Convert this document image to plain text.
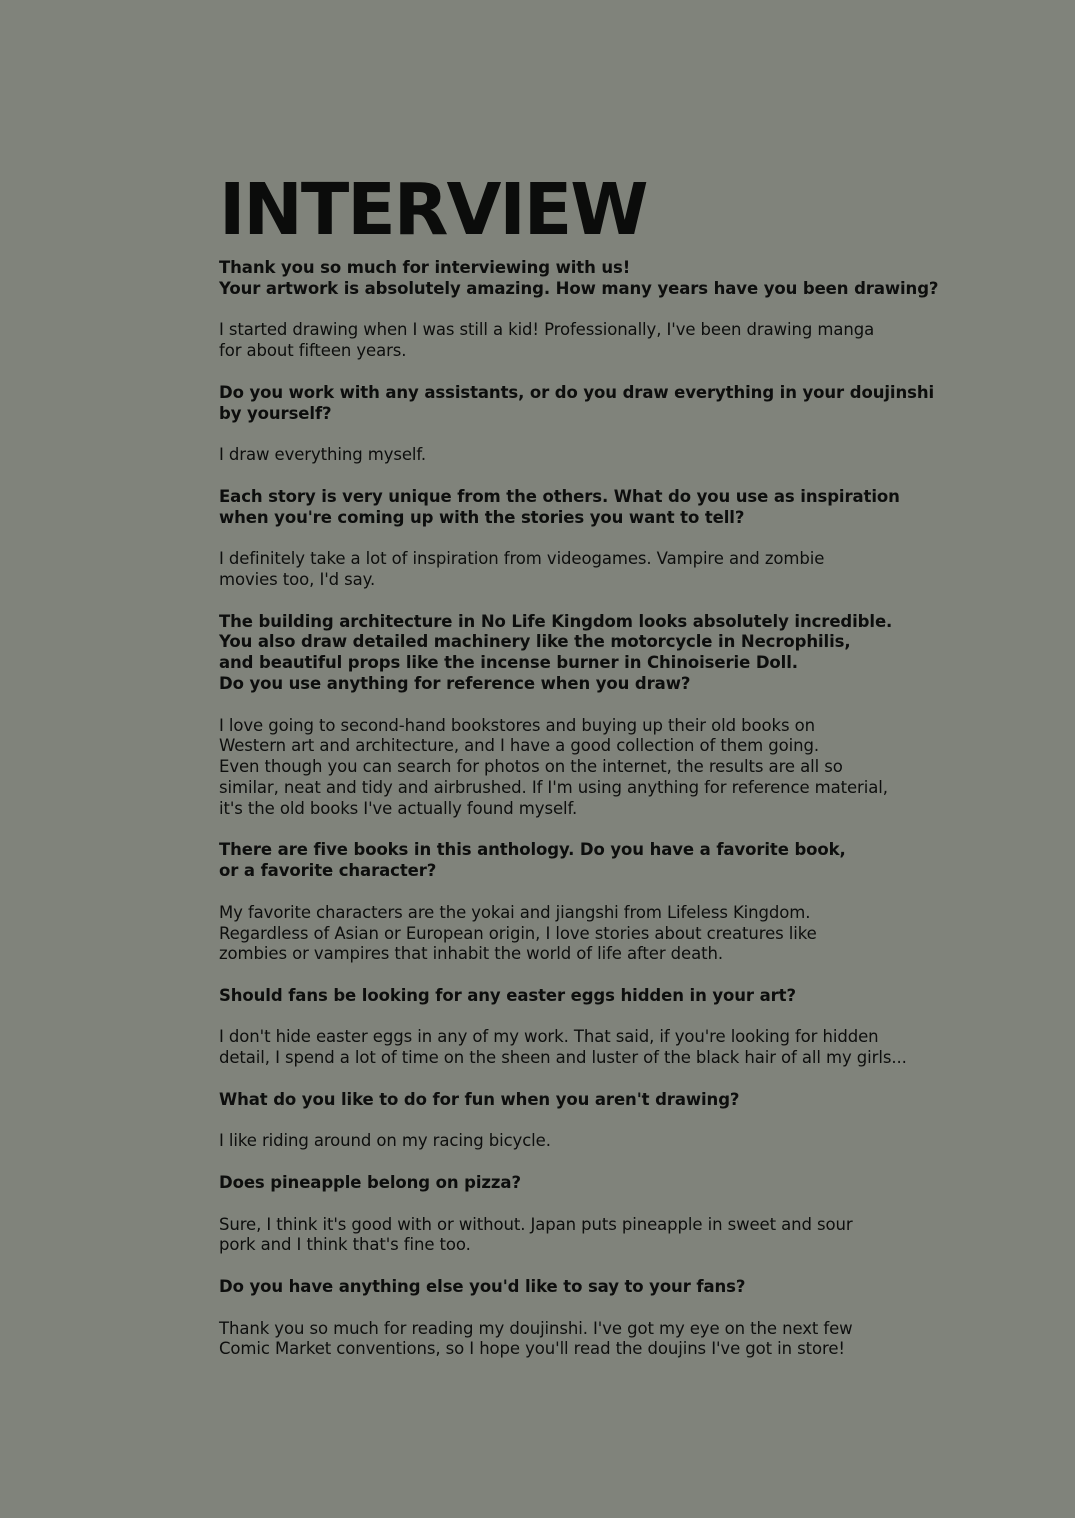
INTERVIEW

Thank you so much for interviewing with us!
Your artwork is absolutely amazing. How many years have you been drawing?

I started drawing when I was still a kid! Professionally, I've been drawing manga
for about fifteen years.

Do you work with any assistants, or do you draw everything in your doujinshi
by yourself?

I draw everything myself.

Each story is very unique from the others. What do you use as inspiration
when you're coming up with the stories you want to tell?

I definitely take a lot of inspiration from videogames. Vampire and zombie
movies too, I'd say.

The building architecture in No Life Kingdom looks absolutely incredible.
You also draw detailed machinery like the motorcycle in Necrophilis,
and beautiful props like the incense burner in Chinoiserie Doll.
Do you use anything for reference when you draw?

I love going to second-hand bookstores and buying up their old books on
Western art and architecture, and I have a good collection of them going.
Even though you can search for photos on the internet, the results are all so
similar, neat and tidy and airbrushed. If I'm using anything for reference material,
it's the old books I've actually found myself.

There are five books in this anthology. Do you have a favorite book,
or a favorite character?

My favorite characters are the yokai and jiangshi from Lifeless Kingdom.
Regardless of Asian or European origin, I love stories about creatures like
zombies or vampires that inhabit the world of life after death.

Should fans be looking for any easter eggs hidden in your art?

I don't hide easter eggs in any of my work. That said, if you're looking for hidden
detail, I spend a lot of time on the sheen and luster of the black hair of all my girls...

What do you like to do for fun when you aren't drawing?

I like riding around on my racing bicycle.

Does pineapple belong on pizza?

Sure, I think it's good with or without. Japan puts pineapple in sweet and sour
pork and I think that's fine too.

Do you have anything else you'd like to say to your fans?

Thank you so much for reading my doujinshi. I've got my eye on the next few
Comic Market conventions, so I hope you'll read the doujins I've got in store!
